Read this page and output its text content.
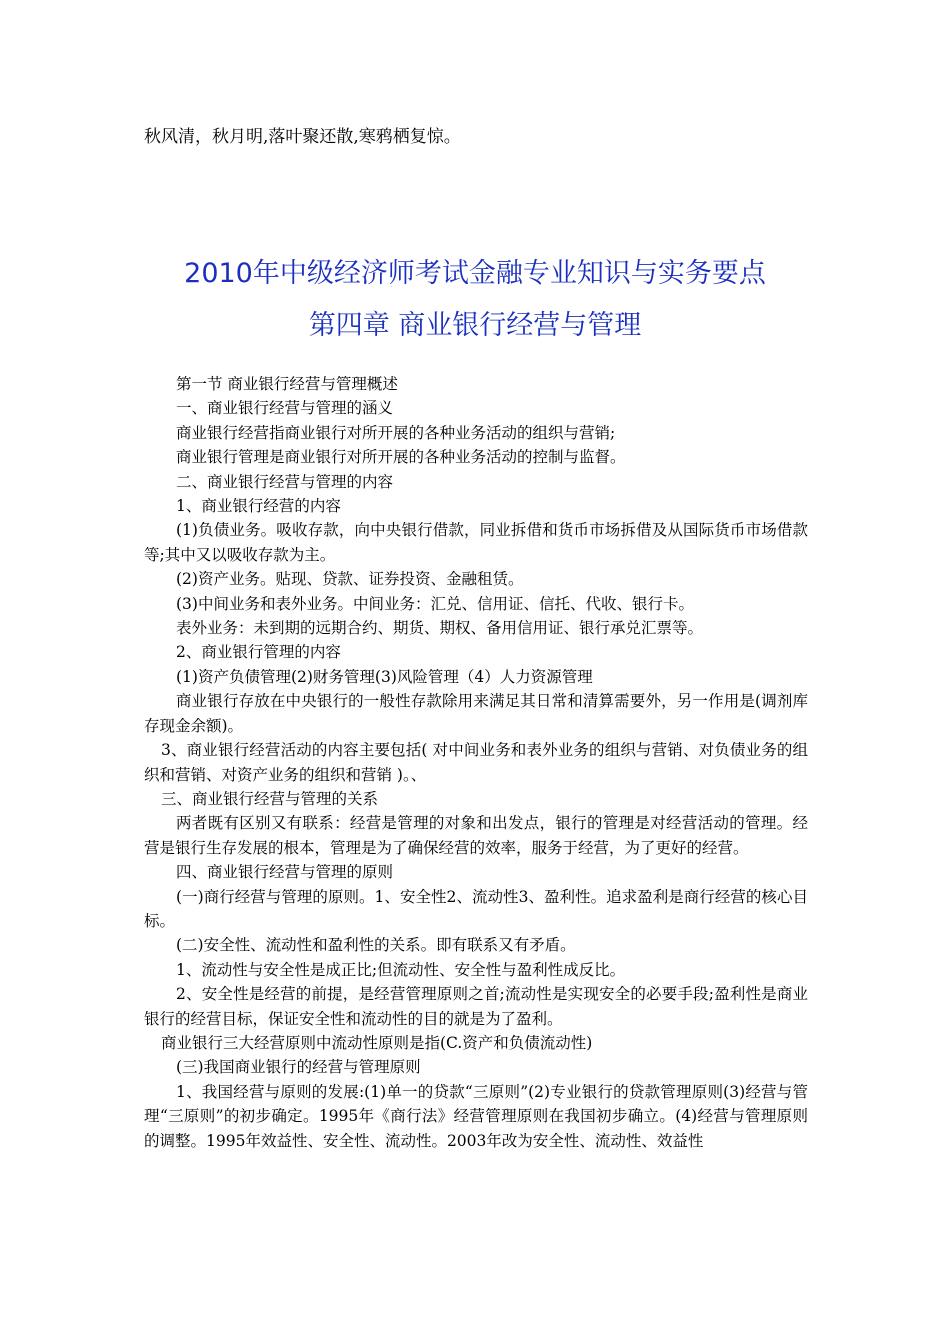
秋风清，秋月明,落叶聚还散,寒鸦栖复惊。
2010年中级经济师考试金融专业知识与实务要点
第四章 商业银行经营与管理

第一节 商业银行经营与管理概述

一、商业银行经营与管理的涵义

商业银行经营指商业银行对所开展的各种业务活动的组织与营销;

商业银行管理是商业银行对所开展的各种业务活动的控制与监督。

二、商业银行经营与管理的内容

1、商业银行经营的内容

(1)负债业务。吸收存款，向中央银行借款，同业拆借和货币市场拆借及从国际货币市场借款等;其中又以吸收存款为主。

(2)资产业务。贴现、贷款、证券投资、金融租赁。

(3)中间业务和表外业务。中间业务：汇兑、信用证、信托、代收、银行卡。

表外业务：未到期的远期合约、期货、期权、备用信用证、银行承兑汇票等。

2、商业银行管理的内容

(1)资产负债管理(2)财务管理(3)风险管理（4）人力资源管理

商业银行存放在中央银行的一般性存款除用来满足其日常和清算需要外，另一作用是(调剂库存现金余额)。

3、商业银行经营活动的内容主要包括( 对中间业务和表外业务的组织与营销、对负债业务的组织和营销、对资产业务的组织和营销 )。、

三、商业银行经营与管理的关系

两者既有区别又有联系：经营是管理的对象和出发点，银行的管理是对经营活动的管理。经营是银行生存发展的根本，管理是为了确保经营的效率，服务于经营，为了更好的经营。

四、商业银行经营与管理的原则

(一)商行经营与管理的原则。1、安全性2、流动性3、盈利性。追求盈利是商行经营的核心目标。

(二)安全性、流动性和盈利性的关系。即有联系又有矛盾。

1、流动性与安全性是成正比;但流动性、安全性与盈利性成反比。

2、安全性是经营的前提，是经营管理原则之首;流动性是实现安全的必要手段;盈利性是商业银行的经营目标，保证安全性和流动性的目的就是为了盈利。

商业银行三大经营原则中流动性原则是指(C.资产和负债流动性)

(三)我国商业银行的经营与管理原则

1、我国经营与原则的发展:(1)单一的贷款“三原则”(2)专业银行的贷款管理原则(3)经营与管理“三原则”的初步确定。1995年《商行法》经营管理原则在我国初步确立。(4)经营与管理原则的调整。1995年效益性、安全性、流动性。2003年改为安全性、流动性、效益性
